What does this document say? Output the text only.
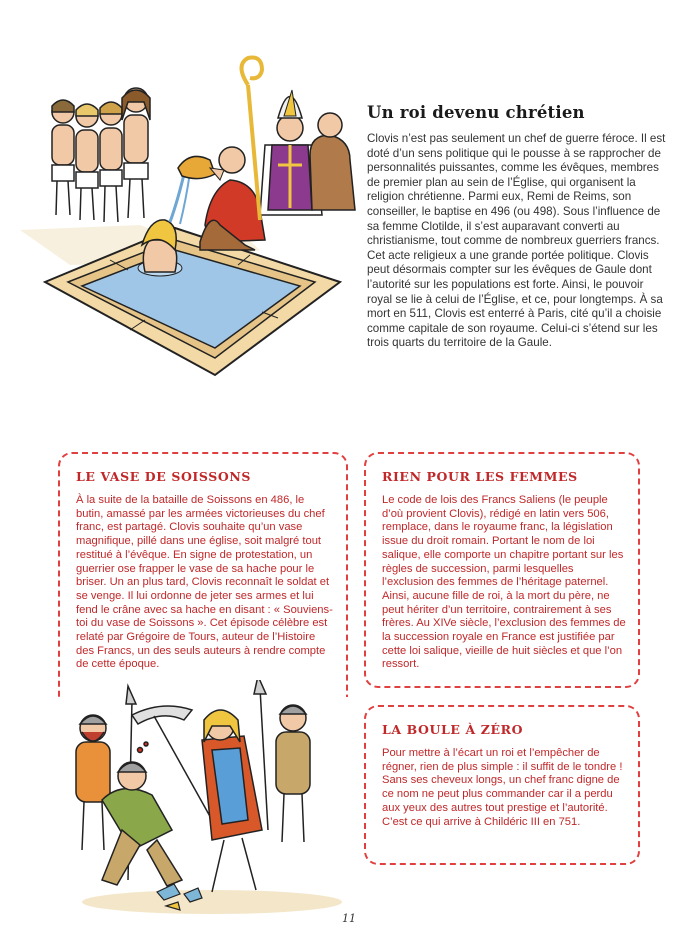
Un roi devenu chrétien

Clovis n’est pas seulement un chef de guerre féroce. Il est doté d’un sens politique qui le pousse à se rapprocher de personnalités puissantes, comme les évêques, membres de premier plan au sein de l’Église, qui organisent la religion chrétienne. Parmi eux, Remi de Reims, son conseiller, le baptise en 496 (ou 498). Sous l’influence de sa femme Clotilde, il s’est auparavant converti au christianisme, tout comme de nombreux guerriers francs. Cet acte religieux a une grande portée politique. Clovis peut désormais compter sur les évêques de Gaule dont l’autorité sur les populations est forte. Ainsi, le pouvoir royal se lie à celui de l’Église, et ce, pour longtemps. À sa mort en 511, Clovis est enterré à Paris, cité qu’il a choisie comme capitale de son royaume. Celui-ci s’étend sur les trois quarts du territoire de la Gaule.

LE VASE DE SOISSONS

À la suite de la bataille de Soissons en 486, le butin, amassé par les armées victorieuses du chef franc, est partagé. Clovis souhaite qu’un vase magnifique, pillé dans une église, soit malgré tout restitué à l’évêque. En signe de protestation, un guerrier ose frapper le vase de sa hache pour le briser. Un an plus tard, Clovis reconnaît le soldat et se venge. Il lui ordonne de jeter ses armes et lui fend le crâne avec sa hache en disant : « Souviens-toi du vase de Soissons ». Cet épisode célèbre est relaté par Grégoire de Tours, auteur de l’Histoire des Francs, un des seuls auteurs à rendre compte de cette époque.

RIEN POUR LES FEMMES

Le code de lois des Francs Saliens (le peuple d’où provient Clovis), rédigé en latin vers 506, remplace, dans le royaume franc, la législation issue du droit romain. Portant le nom de loi salique, elle comporte un chapitre portant sur les règles de succession, parmi lesquelles l’exclusion des femmes de l’héritage paternel. Ainsi, aucune fille de roi, à la mort du père, ne peut hériter d’un territoire, contrairement à ses frères. Au XIVe siècle, l’exclusion des femmes de la succession royale en France est justifiée par cette loi salique, vieille de huit siècles et que l’on ressort.

LA BOULE À ZÉRO

Pour mettre à l’écart un roi et l’empêcher de régner, rien de plus simple : il suffit de le tondre ! Sans ses cheveux longs, un chef franc digne de ce nom ne peut plus commander car il a perdu aux yeux des autres tout prestige et l’autorité. C’est ce qui arrive à Childéric III en 751.

11
